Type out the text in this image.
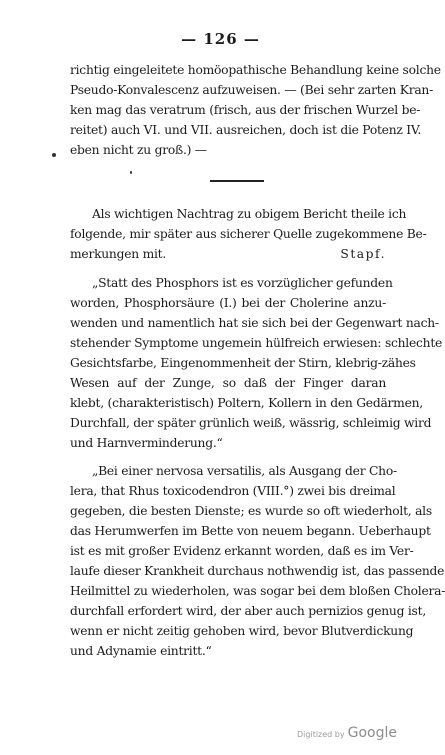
— 126 —
richtig eingeleitete homöopathische Behandlung keine solche
Pseudo-Konvalescenz aufzuweisen. — (Bei sehr zarten Kran-
ken mag das veratrum (frisch, aus der frischen Wurzel be-
reitet) auch VI. und VII. ausreichen, doch ist die Potenz IV.
eben nicht zu groß.) —
Als wichtigen Nachtrag zu obigem Bericht theile ich
folgende, mir später aus sicherer Quelle zugekommene Be-
merkungen mit.	Stapf.
„Statt des Phosphors ist es vorzüglicher gefunden
worden, Phosphorsäure (I.) bei der Cholerine anzu-
wenden und namentlich hat sie sich bei der Gegenwart nach-
stehender Symptome ungemein hülfreich erwiesen: schlechte
Gesichtsfarbe, Eingenommenheit der Stirn, klebrig-zähes
Wesen auf der Zunge, so daß der Finger daran
klebt, (charakteristisch) Poltern, Kollern in den Gedärmen,
Durchfall, der später grünlich weiß, wässrig, schleimig wird
und Harnverminderung.“
„Bei einer nervosa versatilis, als Ausgang der Cho-
lera, that Rhus toxicodendron (VIII.°) zwei bis dreimal
gegeben, die besten Dienste; es wurde so oft wiederholt, als
das Herumwerfen im Bette von neuem begann. Ueberhaupt
ist es mit großer Evidenz erkannt worden, daß es im Ver-
laufe dieser Krankheit durchaus nothwendig ist, das passende
Heilmittel zu wiederholen, was sogar bei dem bloßen Cholera-
durchfall erfordert wird, der aber auch pernizios genug ist,
wenn er nicht zeitig gehoben wird, bevor Blutverdickung
und Adynamie eintritt.“
Digitized by Google
